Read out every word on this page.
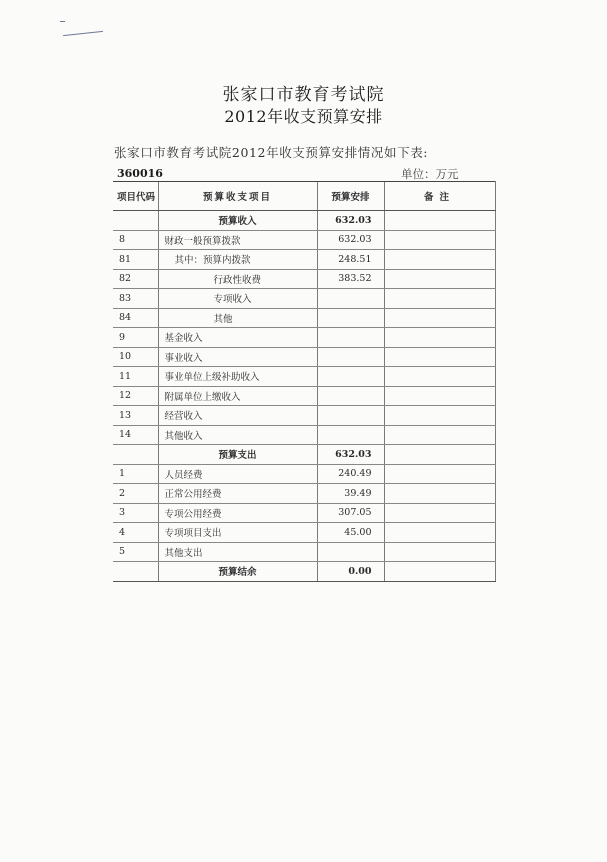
张家口市教育考试院
2012年收支预算安排
张家口市教育考试院2012年收支预算安排情况如下表:
360016	单位：万元
项目代码	预算收支项目	预算安排	备注
	预算收入	632.03	
8	财政一般预算拨款	632.03	
81	其中：预算内拨款	248.51	
82	行政性收费	383.52	
83	专项收入		
84	其他		
9	基金收入		
10	事业收入		
11	事业单位上级补助收入		
12	附属单位上缴收入		
13	经营收入		
14	其他收入		
	预算支出	632.03	
1	人员经费	240.49	
2	正常公用经费	39.49	
3	专项公用经费	307.05	
4	专项项目支出	45.00	
5	其他支出		
	预算结余	0.00	
